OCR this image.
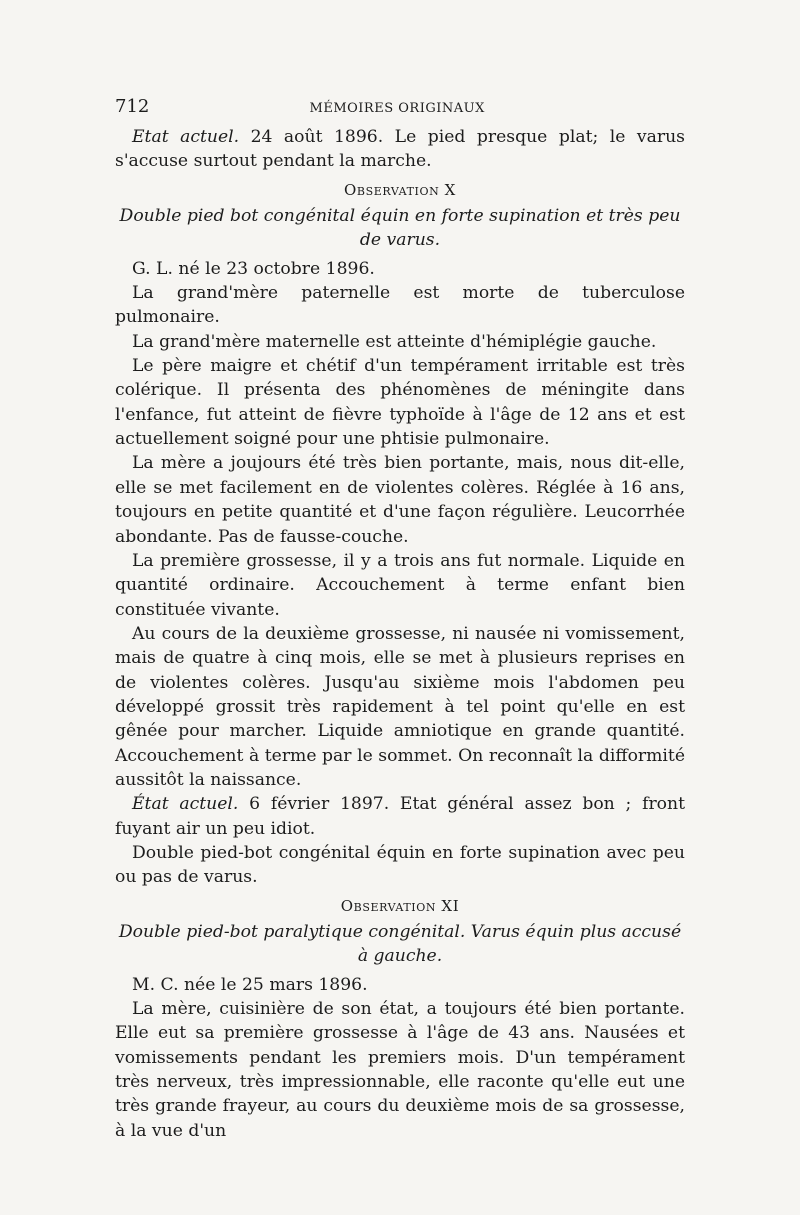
712	MÉMOIRES ORIGINAUX

Etat actuel. 24 août 1896. Le pied presque plat; le varus s'accuse surtout pendant la marche.

Observation X
Double pied bot congénital équin en forte supination et très peu de varus.

G. L. né le 23 octobre 1896.

La grand'mère paternelle est morte de tuberculose pulmonaire.

La grand'mère maternelle est atteinte d'hémiplégie gauche.

Le père maigre et chétif d'un tempérament irritable est très colérique. Il présenta des phénomènes de méningite dans l'enfance, fut atteint de fièvre typhoïde à l'âge de 12 ans et est actuellement soigné pour une phtisie pulmonaire.

La mère a joujours été très bien portante, mais, nous dit-elle, elle se met facilement en de violentes colères. Réglée à 16 ans, toujours en petite quantité et d'une façon régulière. Leucorrhée abondante. Pas de fausse-couche.

La première grossesse, il y a trois ans fut normale. Liquide en quantité ordinaire. Accouchement à terme enfant bien constituée vivante.

Au cours de la deuxième grossesse, ni nausée ni vomissement, mais de quatre à cinq mois, elle se met à plusieurs reprises en de violentes colères. Jusqu'au sixième mois l'abdomen peu développé grossit très rapidement à tel point qu'elle en est gênée pour marcher. Liquide amniotique en grande quantité. Accouchement à terme par le sommet. On reconnaît la difformité aussitôt la naissance.

État actuel. 6 février 1897. Etat général assez bon ; front fuyant air un peu idiot.

Double pied-bot congénital équin en forte supination avec peu ou pas de varus.

Observation XI
Double pied-bot paralytique congénital. Varus équin plus accusé à gauche.

M. C. née le 25 mars 1896.

La mère, cuisinière de son état, a toujours été bien portante. Elle eut sa première grossesse à l'âge de 43 ans. Nausées et vomissements pendant les premiers mois. D'un tempérament très nerveux, très impressionnable, elle raconte qu'elle eut une très grande frayeur, au cours du deuxième mois de sa grossesse, à la vue d'un
